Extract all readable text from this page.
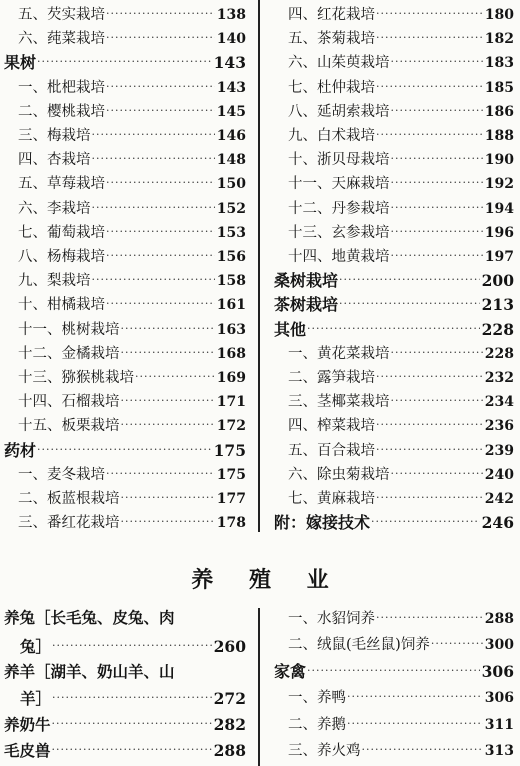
五、芡实栽培 ·····	138
六、莼菜栽培 ·····	140
果树 ·····	143
一、枇杷栽培 ·····	143
二、樱桃栽培 ·····	145
三、梅栽培 ·····	146
四、杏栽培 ·····	148
五、草莓栽培 ·····	150
六、李栽培 ·····	152
七、葡萄栽培 ·····	153
八、杨梅栽培 ·····	156
九、梨栽培 ·····	158
十、柑橘栽培 ·····	161
十一、桃树栽培 ·····	163
十二、金橘栽培 ·····	168
十三、猕猴桃栽培 ·····	169
十四、石榴栽培 ·····	171
十五、板栗栽培 ·····	172
药材 ·····	175
一、麦冬栽培 ·····	175
二、板蓝根栽培 ·····	177
三、番红花栽培 ·····	178
四、红花栽培 ·····	180
五、茶菊栽培 ·····	182
六、山茱萸栽培 ·····	183
七、杜仲栽培 ·····	185
八、延胡索栽培 ·····	186
九、白术栽培 ·····	188
十、浙贝母栽培 ·····	190
十一、天麻栽培 ·····	192
十二、丹参栽培 ·····	194
十三、玄参栽培 ·····	196
十四、地黄栽培 ·····	197
桑树栽培 ·····	200
茶树栽培 ·····	213
其他 ·····	228
一、黄花菜栽培 ·····	228
二、露笋栽培 ·····	232
三、茎椰菜栽培 ·····	234
四、榨菜栽培 ·····	236
五、百合栽培 ·····	239
六、除虫菊栽培 ·····	240
七、黄麻栽培 ·····	242
附：嫁接技术 ·····	246
养 殖 业
养兔［长毛兔、皮兔、肉
兔］ ·····	260
养羊［湖羊、奶山羊、山
羊］ ·····	272
养奶牛 ·····	282
毛皮兽 ·····	288
一、水貂饲养 ·····	288
二、绒鼠(毛丝鼠)饲养 ·····	300
家禽 ·····	306
一、养鸭 ·····	306
二、养鹅 ·····	311
三、养火鸡 ·····	313
